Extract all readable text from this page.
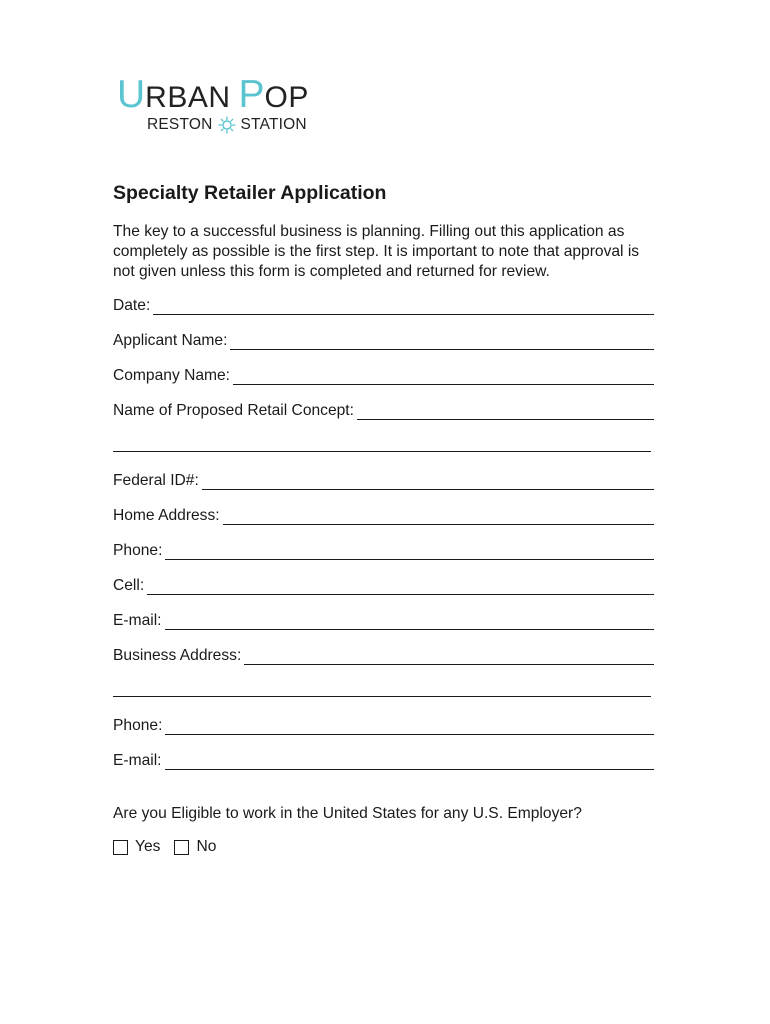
U RBAN P OP
RESTON STATION
Specialty Retailer Application
The key to a successful business is planning. Filling out this application as completely as possible is the first step. It is important to note that approval is not given unless this form is completed and returned for review.
Date:
Applicant Name:
Company Name:
Name of Proposed Retail Concept:
Federal ID#:
Home Address:
Phone:
Cell:
E-mail:
Business Address:
Phone:
E-mail:
Are you Eligible to work in the United States for any U.S. Employer?
Yes No
